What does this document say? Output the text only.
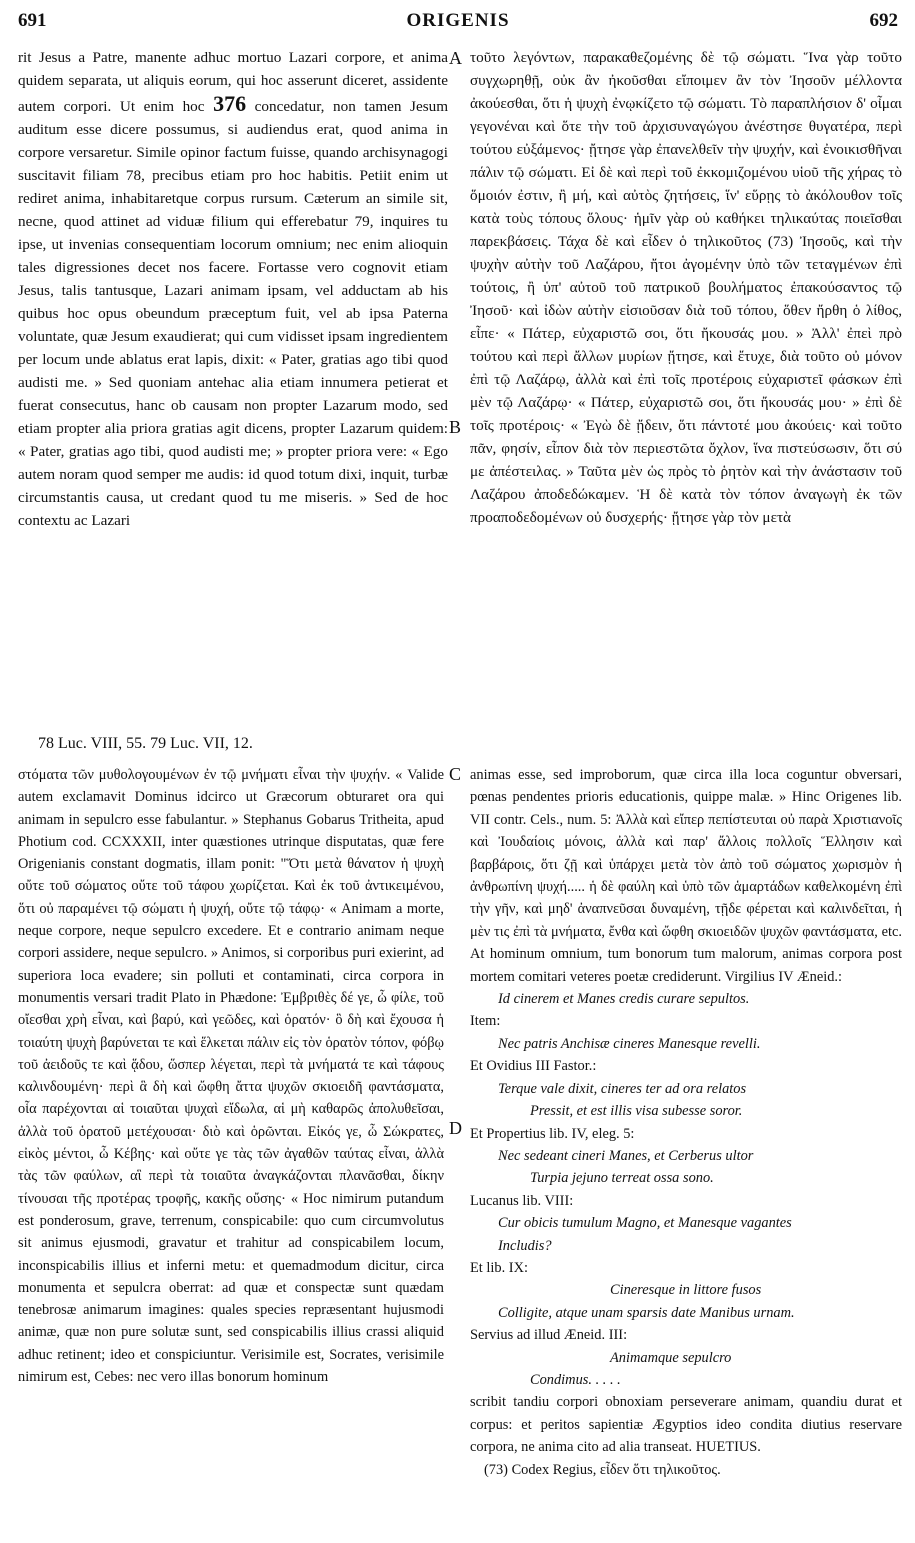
691	ORIGENIS	692

rit Jesus a Patre, manente adhuc mortuo Lazari corpore, et anima quidem separata, ut aliquis eorum, qui hoc asserunt diceret, assidente autem corpori. Ut enim hoc 376 concedatur, non tamen Jesum auditum esse dicere possumus, si audiendus erat, quod anima in corpore versaretur. Simile opinor factum fuisse, quando archisynagogi suscitavit filiam 78, precibus etiam pro hoc habitis. Petiit enim ut rediret anima, inhabitaretque corpus rursum. Cæterum an simile sit, necne, quod attinet ad viduæ filium qui efferebatur 79, inquires tu ipse, ut invenias consequentiam locorum omnium; nec enim alioquin tales digressiones decet nos facere. Fortasse vero cognovit etiam Jesus, talis tantusque, Lazari animam ipsam, vel adductam ab his quibus hoc opus obeundum præceptum fuit, vel ab ipsa Paterna voluntate, quæ Jesum exaudierat; qui cum vidisset ipsam ingredientem per locum unde ablatus erat lapis, dixit: « Pater, gratias ago tibi quod audisti me. » Sed quoniam antehac alia etiam innumera petierat et fuerat consecutus, hanc ob causam non propter Lazarum modo, sed etiam propter alia priora gratias agit dicens, propter Lazarum quidem: « Pater, gratias ago tibi, quod audisti me; » propter priora vere: « Ego autem noram quod semper me audis: id quod totum dixi, inquit, turbæ circumstantis causa, ut credant quod tu me miseris. » Sed de hoc contextu ac Lazari

A
B

τοῦτο λεγόντων, παρακαθεζομένης δὲ τῷ σώματι. Ἵνα γὰρ τοῦτο συγχωρηθῇ, οὐκ ἂν ἠκοῦσθαι εἴποιμεν ἂν τὸν Ἰησοῦν μέλλοντα ἀκούεσθαι, ὅτι ἡ ψυχὴ ἐνῳκίζετο τῷ σώματι. Τὸ παραπλήσιον δ' οἶμαι γεγονέναι καὶ ὅτε τὴν τοῦ ἀρχισυναγώγου ἀνέστησε θυγατέρα, περὶ τούτου εὐξάμενος· ᾔτησε γὰρ ἐπανελθεῖν τὴν ψυχήν, καὶ ἐνοικισθῆναι πάλιν τῷ σώματι. Εἰ δὲ καὶ περὶ τοῦ ἐκκομιζομένου υἱοῦ τῆς χήρας τὸ ὅμοιόν ἐστιν, ἢ μή, καὶ αὐτὸς ζητήσεις, ἵν' εὕρῃς τὸ ἀκόλουθον τοῖς κατὰ τοὺς τόπους ὅλους· ἡμῖν γὰρ οὐ καθήκει τηλικαύτας ποιεῖσθαι παρεκβάσεις. Τάχα δὲ καὶ εἶδεν ὁ τηλικοῦτος (73) Ἰησοῦς, καὶ τὴν ψυχὴν αὐτὴν τοῦ Λαζάρου, ἤτοι ἀγομένην ὑπὸ τῶν τεταγμένων ἐπὶ τούτοις, ἢ ὑπ' αὐτοῦ τοῦ πατρικοῦ βουλήματος ἐπακούσαντος τῷ Ἰησοῦ· καὶ ἰδὼν αὐτὴν εἰσιοῦσαν διὰ τοῦ τόπου, ὅθεν ἤρθη ὁ λίθος, εἶπε· « Πάτερ, εὐχαριστῶ σοι, ὅτι ἤκουσάς μου. » Ἀλλ' ἐπεὶ πρὸ τούτου καὶ περὶ ἄλλων μυρίων ᾔτησε, καὶ ἔτυχε, διὰ τοῦτο οὐ μόνον ἐπὶ τῷ Λαζάρῳ, ἀλλὰ καὶ ἐπὶ τοῖς προτέροις εὐχαριστεῖ φάσκων ἐπὶ μὲν τῷ Λαζάρῳ· « Πάτερ, εὐχαριστῶ σοι, ὅτι ἤκουσάς μου· » ἐπὶ δὲ τοῖς προτέροις· « Ἐγὼ δὲ ᾔδειν, ὅτι πάντοτέ μου ἀκούεις· καὶ τοῦτο πᾶν, φησίν, εἶπον διὰ τὸν περιεστῶτα ὄχλον, ἵνα πιστεύσωσιν, ὅτι σύ με ἀπέστειλας. » Ταῦτα μὲν ὡς πρὸς τὸ ῥητὸν καὶ τὴν ἀνάστασιν τοῦ Λαζάρου ἀποδεδώκαμεν. Ἡ δὲ κατὰ τὸν τόπον ἀναγωγὴ ἐκ τῶν προαποδεδομένων οὐ δυσχερής· ᾔτησε γὰρ τὸν μετὰ

78 Luc. VIII, 55. 79 Luc. VII, 12.
C
D

στόματα τῶν μυθολογουμένων ἐν τῷ μνήματι εἶναι τὴν ψυχήν. « Valide autem exclamavit Dominus idcirco ut Græcorum obturaret ora qui animam in sepulcro esse fabulantur. » Stephanus Gobarus Tritheita, apud Photium cod. CCXXXII, inter quæstiones utrinque disputatas, quæ fere Origenianis constant dogmatis, illam ponit: "Ὅτι μετὰ θάνατον ἡ ψυχὴ οὔτε τοῦ σώματος οὔτε τοῦ τάφου χωρίζεται. Καὶ ἐκ τοῦ ἀντικειμένου, ὅτι οὐ παραμένει τῷ σώματι ἡ ψυχή, οὔτε τῷ τάφῳ· « Animam a morte, neque corpore, neque sepulcro excedere. Et e contrario animam neque corpori assidere, neque sepulcro. » Animos, si corporibus puri exierint, ad superiora loca evadere; sin polluti et contaminati, circa corpora in monumentis versari tradit Plato in Phædone: Ἐμβριθὲς δέ γε, ὦ φίλε, τοῦ οἴεσθαι χρὴ εἶναι, καὶ βαρύ, καὶ γεῶδες, καὶ ὁρατόν· ὃ δὴ καὶ ἔχουσα ἡ τοιαύτη ψυχὴ βαρύνεται τε καὶ ἕλκεται πάλιν εἰς τὸν ὁρατὸν τόπον, φόβῳ τοῦ ἀειδοῦς τε καὶ ᾅδου, ὥσπερ λέγεται, περὶ τὰ μνήματά τε καὶ τάφους καλινδουμένη· περὶ ἃ δὴ καὶ ὤφθη ἄττα ψυχῶν σκιοειδῆ φαντάσματα, οἷα παρέχονται αἱ τοιαῦται ψυχαὶ εἴδωλα, αἱ μὴ καθαρῶς ἀπολυθεῖσαι, ἀλλὰ τοῦ ὁρατοῦ μετέχουσαι· διὸ καὶ ὁρῶνται. Εἰκός γε, ὦ Σώκρατες, εἰκὸς μέντοι, ὦ Κέβης· καὶ οὔτε γε τὰς τῶν ἀγαθῶν ταύτας εἶναι, ἀλλὰ τὰς τῶν φαύλων, αἳ περὶ τὰ τοιαῦτα ἀναγκάζονται πλανᾶσθαι, δίκην τίνουσαι τῆς προτέρας τροφῆς, κακῆς οὔσης· « Hoc nimirum putandum est ponderosum, grave, terrenum, conspicabile: quo cum circumvolutus sit animus ejusmodi, gravatur et trahitur ad conspicabilem locum, inconspicabilis illius et inferni metu: et quemadmodum dicitur, circa monumenta et sepulcra oberrat: ad quæ et conspectæ sunt quædam tenebrosæ animarum imagines: quales species repræsentant hujusmodi animæ, quæ non pure solutæ sunt, sed conspicabilis illius crassi aliquid adhuc retinent; ideo et conspiciuntur. Verisimile est, Socrates, verisimile nimirum est, Cebes: nec vero illas bonorum hominum

animas esse, sed improborum, quæ circa illa loca coguntur obversari, pœnas pendentes prioris educationis, quippe malæ. » Hinc Origenes lib. VII contr. Cels., num. 5: Ἀλλὰ καὶ εἴπερ πεπίστευται οὐ παρὰ Χριστιανοῖς καὶ Ἰουδαίοις μόνοις, ἀλλὰ καὶ παρ' ἄλλοις πολλοῖς Ἕλλησιν καὶ βαρβάροις, ὅτι ζῇ καὶ ὑπάρχει μετὰ τὸν ἀπὸ τοῦ σώματος χωρισμὸν ἡ ἀνθρωπίνη ψυχή..... ἡ δὲ φαύλη καὶ ὑπὸ τῶν ἁμαρτάδων καθελκομένη ἐπὶ τὴν γῆν, καὶ μηδ' ἀναπνεῦσαι δυναμένη, τῇδε φέρεται καὶ καλινδεῖται, ἡ μὲν τις ἐπὶ τὰ μνήματα, ἔνθα καὶ ὤφθη σκιοειδῶν ψυχῶν φαντάσματα, etc. At hominum omnium, tum bonorum tum malorum, animas corpora post mortem comitari veteres poetæ crediderunt. Virgilius IV Æneid.:

Id cinerem et Manes credis curare sepultos.

Item:

Nec patris Anchisæ cineres Manesque revelli.

Et Ovidius III Fastor.:

Terque vale dixit, cineres ter ad ora relatos

Pressit, et est illis visa subesse soror.

Et Propertius lib. IV, eleg. 5:

Nec sedeant cineri Manes, et Cerberus ultor

Turpia jejuno terreat ossa sono.

Lucanus lib. VIII:

Cur obicis tumulum Magno, et Manesque vagantes

Includis?

Et lib. IX:

Cineresque in littore fusos

Colligite, atque unam sparsis date Manibus urnam.

Servius ad illud Æneid. III:

Animamque sepulcro

Condimus. . . . .

scribit tandiu corpori obnoxiam perseverare animam, quandiu durat et corpus: et peritos sapientiæ Ægyptios ideo condita diutius reservare corpora, ne anima cito ad alia transeat. HUETIUS.

(73) Codex Regius, εἶδεν ὅτι τηλικοῦτος.
